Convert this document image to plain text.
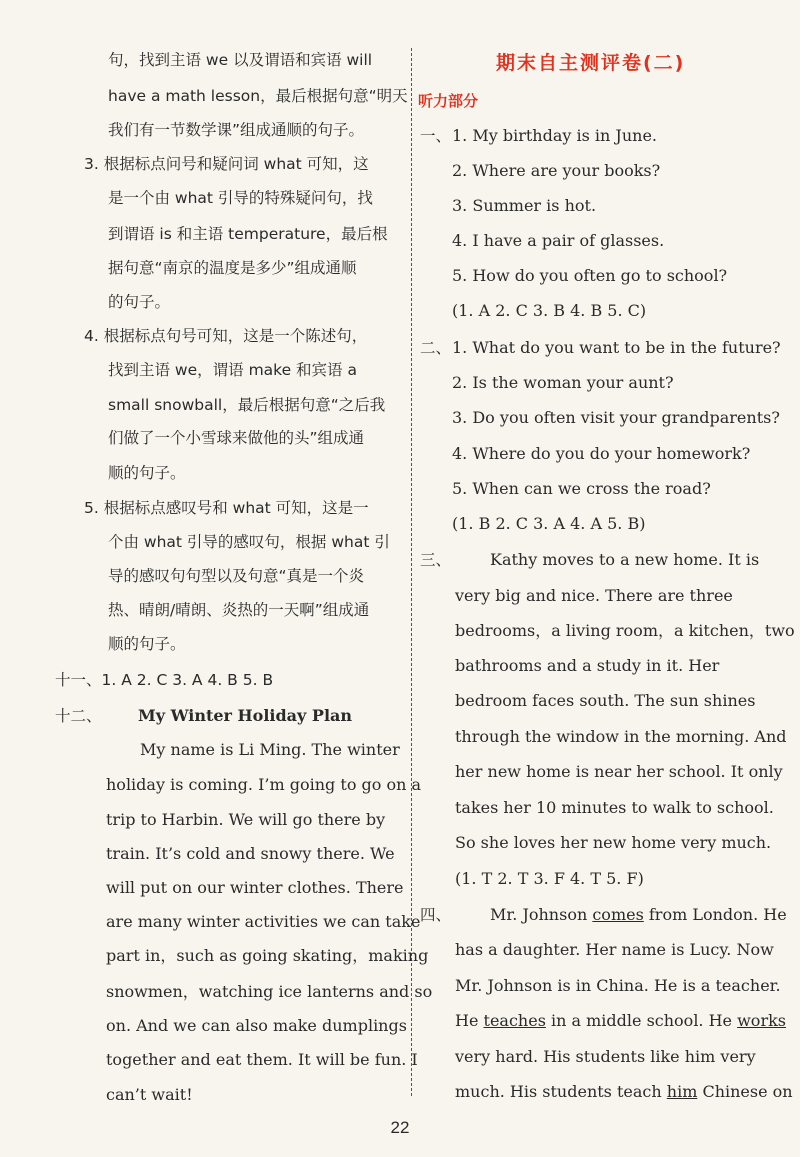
句，找到主语 we 以及谓语和宾语 will
have a math lesson，最后根据句意“明天
我们有一节数学课”组成通顺的句子。
3. 根据标点问号和疑问词 what 可知，这
是一个由 what 引导的特殊疑问句，找
到谓语 is 和主语 temperature，最后根
据句意“南京的温度是多少”组成通顺
的句子。
4. 根据标点句号可知，这是一个陈述句，
找到主语 we，谓语 make 和宾语 a
small snowball，最后根据句意“之后我
们做了一个小雪球来做他的头”组成通
顺的句子。
5. 根据标点感叹号和 what 可知，这是一
个由 what 引导的感叹句，根据 what 引
导的感叹句句型以及句意“真是一个炎
热、晴朗/晴朗、炎热的一天啊”组成通
顺的句子。
十一、1. A 2. C 3. A 4. B 5. B
十二、 My Winter Holiday Plan
My name is Li Ming. The winter
holiday is coming. I’m going to go on a
trip to Harbin. We will go there by
train. It’s cold and snowy there. We
will put on our winter clothes. There
are many winter activities we can take
part in，such as going skating，making
snowmen，watching ice lanterns and so
on. And we can also make dumplings
together and eat them. It will be fun. I
can’t wait!
期末自主测评卷(二)
听力部分
一、 1. My birthday is in June.
2. Where are your books?
3. Summer is hot.
4. I have a pair of glasses.
5. How do you often go to school?
(1. A 2. C 3. B 4. B 5. C)
二、 1. What do you want to be in the future?
2. Is the woman your aunt?
3. Do you often visit your grandparents?
4. Where do you do your homework?
5. When can we cross the road?
(1. B 2. C 3. A 4. A 5. B)
三、 Kathy moves to a new home. It is
very big and nice. There are three
bedrooms，a living room，a kitchen，two
bathrooms and a study in it. Her
bedroom faces south. The sun shines
through the window in the morning. And
her new home is near her school. It only
takes her 10 minutes to walk to school.
So she loves her new home very much.
(1. T 2. T 3. F 4. T 5. F)
四、 Mr. Johnson comes from London. He
has a daughter. Her name is Lucy. Now
Mr. Johnson is in China. He is a teacher.
He teaches in a middle school. He works
very hard. His students like him very
much. His students teach him Chinese on
22
